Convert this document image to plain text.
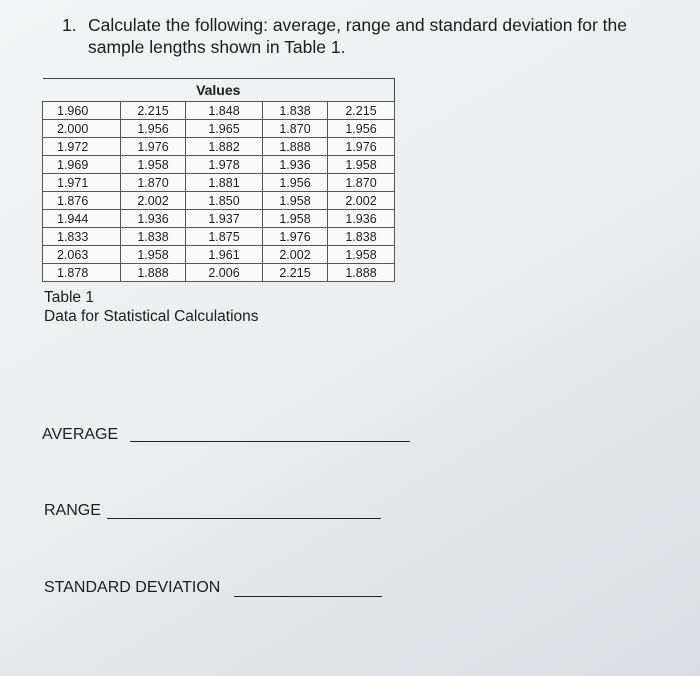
1. Calculate the following: average, range and standard deviation for the sample lengths shown in Table 1.
Values				
1.960	2.215	1.848	1.838	2.215
2.000	1.956	1.965	1.870	1.956
1.972	1.976	1.882	1.888	1.976
1.969	1.958	1.978	1.936	1.958
1.971	1.870	1.881	1.956	1.870
1.876	2.002	1.850	1.958	2.002
1.944	1.936	1.937	1.958	1.936
1.833	1.838	1.875	1.976	1.838
2.063	1.958	1.961	2.002	1.958
1.878	1.888	2.006	2.215	1.888
Table 1
Data for Statistical Calculations
AVERAGE
RANGE
STANDARD DEVIATION
